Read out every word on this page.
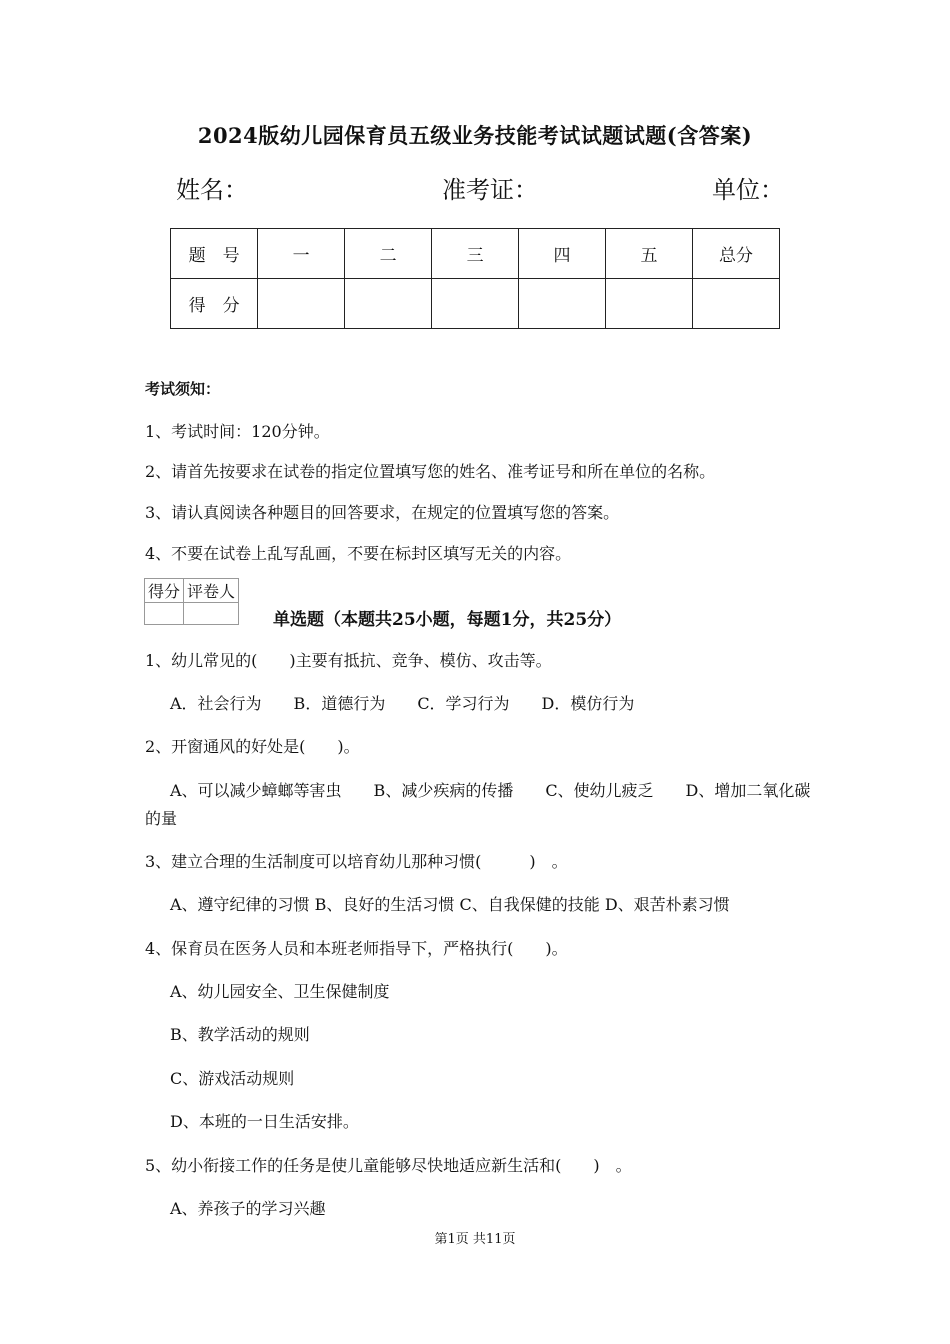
2024版幼儿园保育员五级业务技能考试试题试题(含答案)
姓名：	准考证：	单位：
题　号	一	二	三	四	五	总分
得　分						
考试须知：
1、考试时间：120分钟。
2、请首先按要求在试卷的指定位置填写您的姓名、准考证号和所在单位的名称。
3、请认真阅读各种题目的回答要求，在规定的位置填写您的答案。
4、不要在试卷上乱写乱画，不要在标封区填写无关的内容。
得分	评卷人

单选题（本题共25小题，每题1分，共25分）
1、幼儿常见的(　　)主要有抵抗、竞争、模仿、攻击等。
A．社会行为　　B．道德行为　　C．学习行为　　D．模仿行为
2、开窗通风的好处是(　　)。
A、可以减少蟑螂等害虫　　B、减少疾病的传播　　C、使幼儿疲乏　　D、增加二氧化碳
的量
3、建立合理的生活制度可以培育幼儿那种习惯(　　　)　。
A、遵守纪律的习惯 B、良好的生活习惯 C、自我保健的技能 D、艰苦朴素习惯
4、保育员在医务人员和本班老师指导下，严格执行(　　)。
A、幼儿园安全、卫生保健制度
B、教学活动的规则
C、游戏活动规则
D、本班的一日生活安排。
5、幼小衔接工作的任务是使儿童能够尽快地适应新生活和(　　)　。
A、养孩子的学习兴趣
第1页 共11页
